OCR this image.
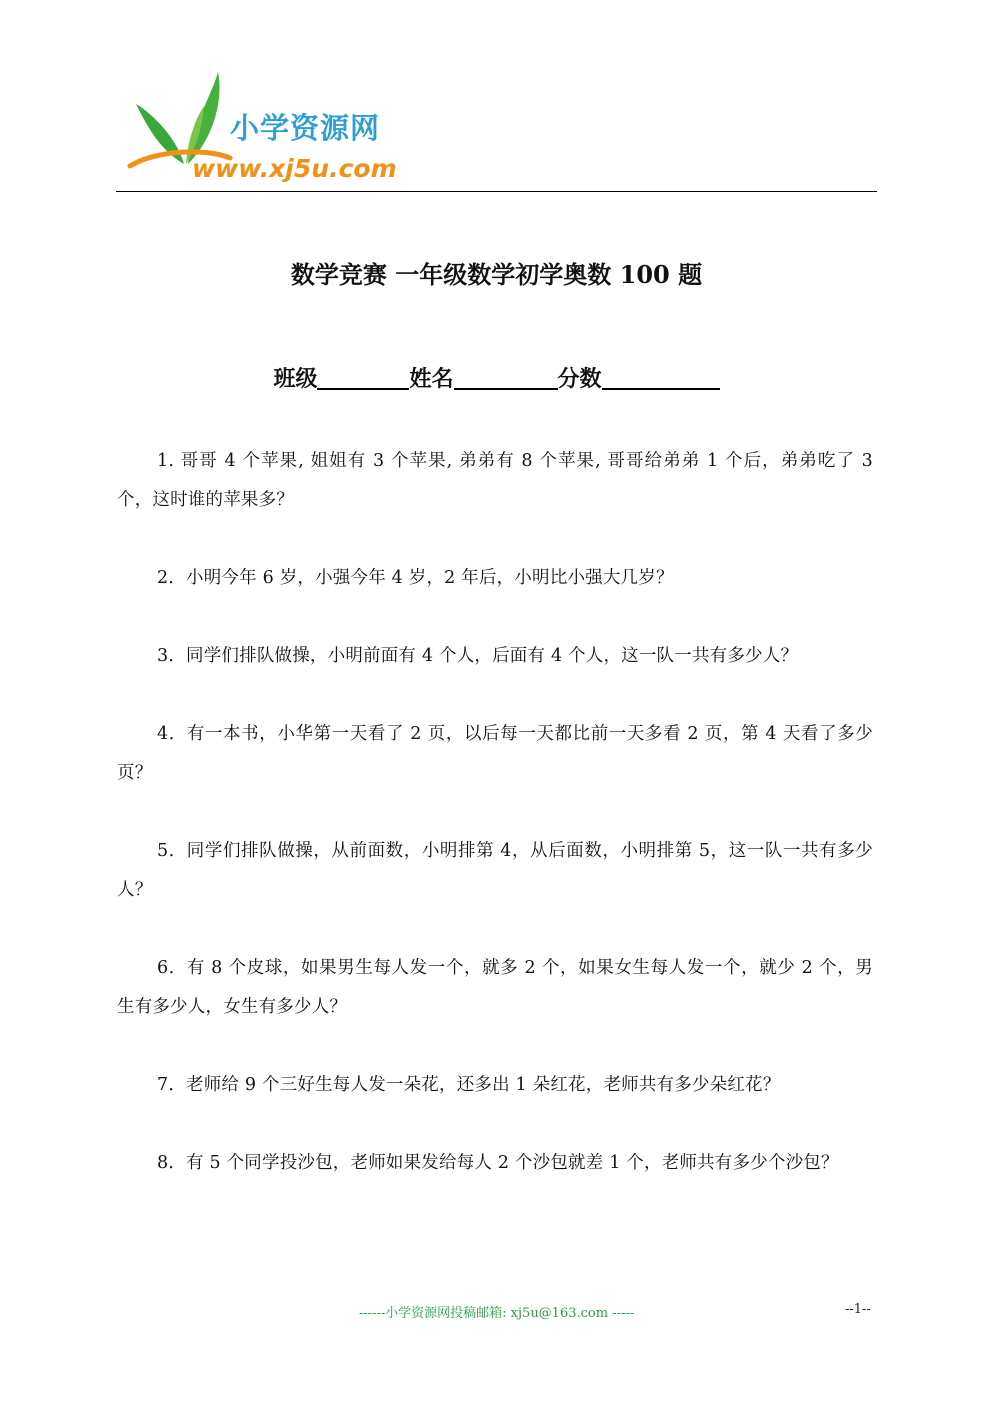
小学资源网
www.xj5u.com
数学竞赛 一年级数学初学奥数 100 题
班级	姓名	分数

1. 哥哥 4 个苹果, 姐姐有 3 个苹果, 弟弟有 8 个苹果, 哥哥给弟弟 1 个后，弟弟吃了 3 个，这时谁的苹果多？

2．小明今年 6 岁，小强今年 4 岁，2 年后，小明比小强大几岁？

3．同学们排队做操，小明前面有 4 个人，后面有 4 个人，这一队一共有多少人？

4．有一本书，小华第一天看了 2 页，以后每一天都比前一天多看 2 页，第 4 天看了多少页？

5．同学们排队做操，从前面数，小明排第 4，从后面数，小明排第 5，这一队一共有多少人？

6．有 8 个皮球，如果男生每人发一个，就多 2 个，如果女生每人发一个，就少 2 个，男生有多少人，女生有多少人？

7．老师给 9 个三好生每人发一朵花，还多出 1 朵红花，老师共有多少朵红花？

8．有 5 个同学投沙包，老师如果发给每人 2 个沙包就差 1 个，老师共有多少个沙包？

------小学资源网投稿邮箱: xj5u@163.com -----	--1--
